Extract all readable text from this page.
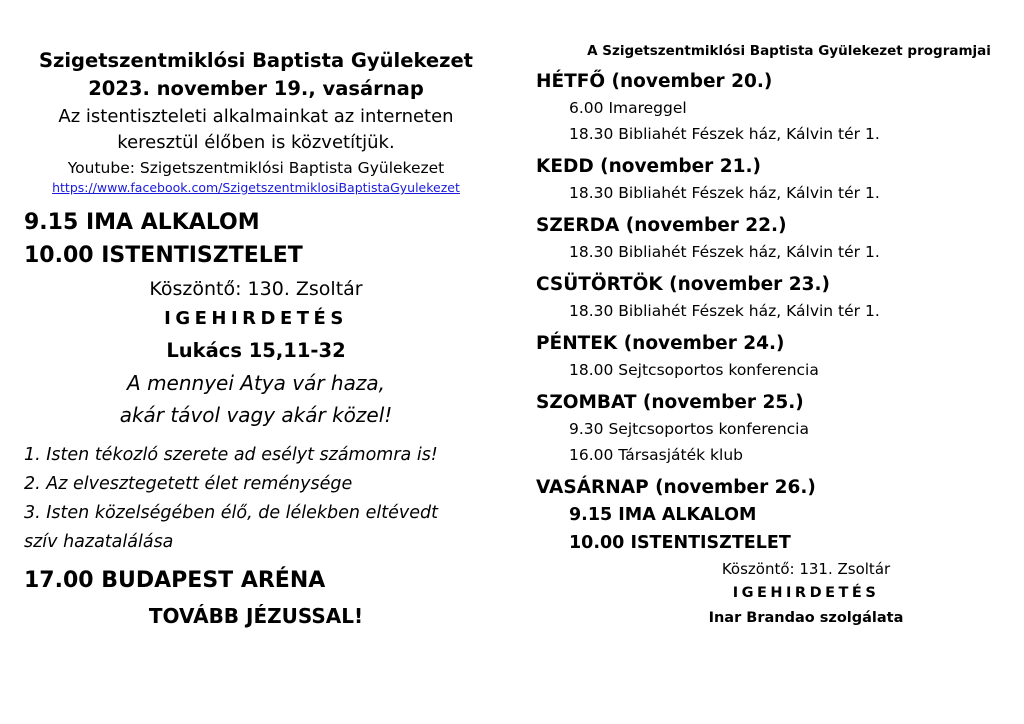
Szigetszentmiklósi Baptista Gyülekezet
2023. november 19., vasárnap
Az istentiszteleti alkalmainkat az interneten
keresztül élőben is közvetítjük.
Youtube: Szigetszentmiklósi Baptista Gyülekezet
https://www.facebook.com/SzigetszentmiklosiBaptistaGyulekezet
9.15 IMA ALKALOM
10.00 ISTENTISZTELET
Köszöntő: 130. Zsoltár
IGEHIRDETÉS
Lukács 15,11-32
A mennyei Atya vár haza,
akár távol vagy akár közel!
1. Isten tékozló szerete ad esélyt számomra is!
2. Az elvesztegetett élet reménysége
3. Isten közelségében élő, de lélekben eltévedt
szív hazatalálása
17.00 BUDAPEST ARÉNA
TOVÁBB JÉZUSSAL!
A Szigetszentmiklósi Baptista Gyülekezet programjai
HÉTFŐ (november 20.)
6.00 Imareggel
18.30 Bibliahét Fészek ház, Kálvin tér 1.
KEDD (november 21.)
18.30 Bibliahét Fészek ház, Kálvin tér 1.
SZERDA (november 22.)
18.30 Bibliahét Fészek ház, Kálvin tér 1.
CSÜTÖRTÖK (november 23.)
18.30 Bibliahét Fészek ház, Kálvin tér 1.
PÉNTEK (november 24.)
18.00 Sejtcsoportos konferencia
SZOMBAT (november 25.)
9.30 Sejtcsoportos konferencia
16.00 Társasjáték klub
VASÁRNAP (november 26.)
9.15 IMA ALKALOM
10.00 ISTENTISZTELET
Köszöntő: 131. Zsoltár
IGEHIRDETÉS
Inar Brandao szolgálata
